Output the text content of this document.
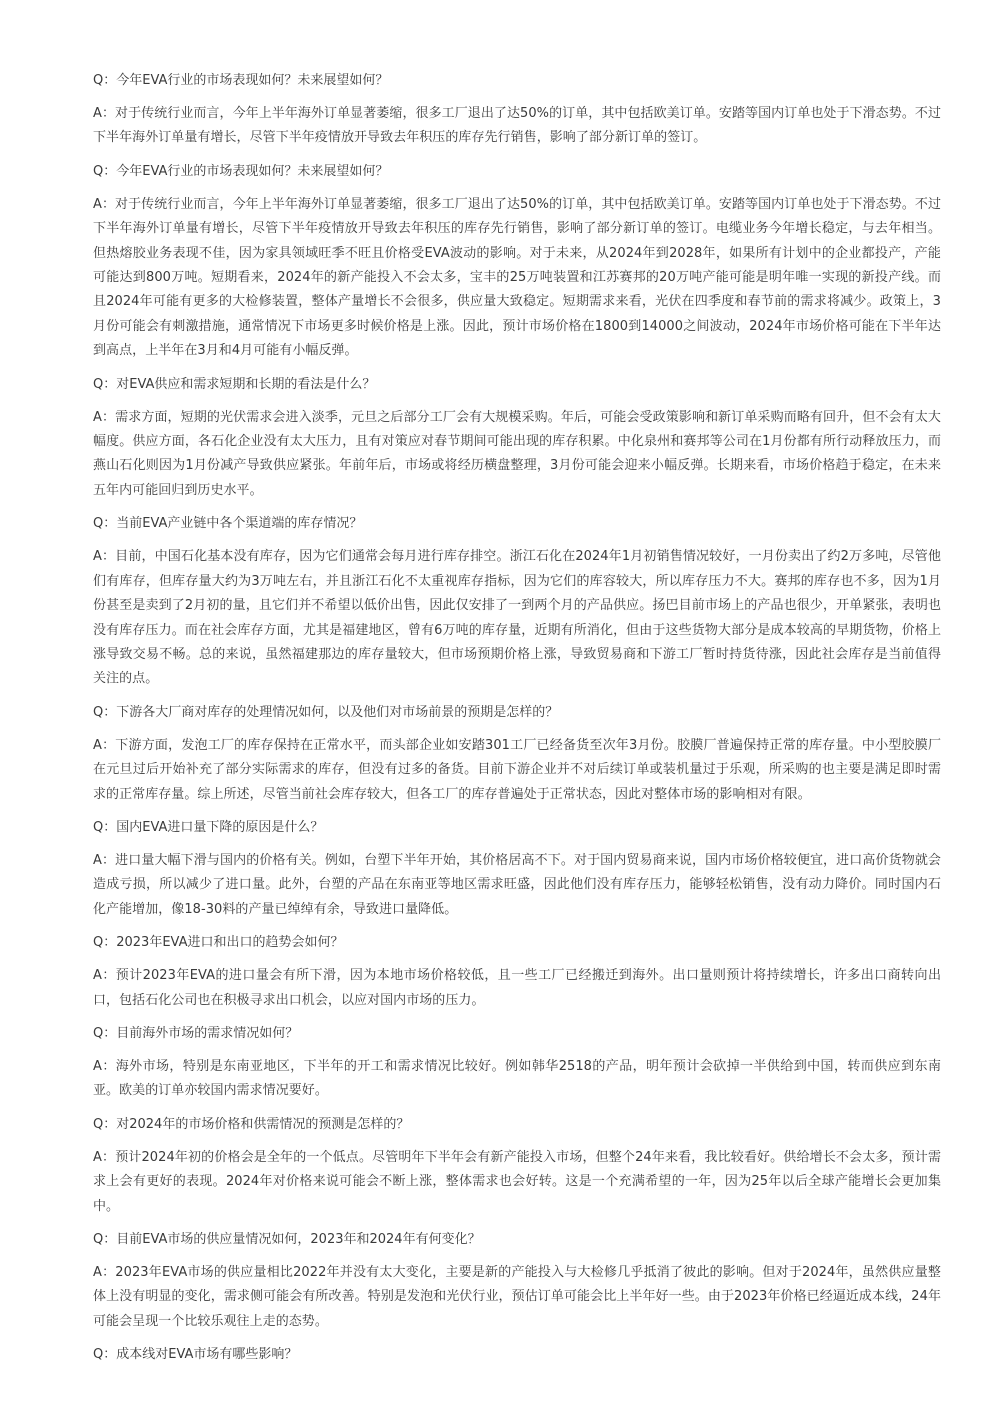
Q：今年EVA行业的市场表现如何？未来展望如何？

A：对于传统行业而言，今年上半年海外订单显著萎缩，很多工厂退出了达50%的订单，其中包括欧美订单。安踏等国内订单也处于下滑态势。不过下半年海外订单量有增长，尽管下半年疫情放开导致去年积压的库存先行销售，影响了部分新订单的签订。

Q：今年EVA行业的市场表现如何？未来展望如何？

A：对于传统行业而言，今年上半年海外订单显著萎缩，很多工厂退出了达50%的订单，其中包括欧美订单。安踏等国内订单也处于下滑态势。不过下半年海外订单量有增长，尽管下半年疫情放开导致去年积压的库存先行销售，影响了部分新订单的签订。电缆业务今年增长稳定，与去年相当。但热熔胶业务表现不佳，因为家具领域旺季不旺且价格受EVA波动的影响。对于未来，从2024年到2028年，如果所有计划中的企业都投产，产能可能达到800万吨。短期看来，2024年的新产能投入不会太多，宝丰的25万吨装置和江苏赛邦的20万吨产能可能是明年唯一实现的新投产线。而且2024年可能有更多的大检修装置，整体产量增长不会很多，供应量大致稳定。短期需求来看，光伏在四季度和春节前的需求将减少。政策上，3月份可能会有刺激措施，通常情况下市场更多时候价格是上涨。因此，预计市场价格在1800到14000之间波动，2024年市场价格可能在下半年达到高点，上半年在3月和4月可能有小幅反弹。

Q：对EVA供应和需求短期和长期的看法是什么？

A：需求方面，短期的光伏需求会进入淡季，元旦之后部分工厂会有大规模采购。年后，可能会受政策影响和新订单采购而略有回升，但不会有太大幅度。供应方面，各石化企业没有太大压力，且有对策应对春节期间可能出现的库存积累。中化泉州和赛邦等公司在1月份都有所行动释放压力，而燕山石化则因为1月份减产导致供应紧张。年前年后，市场或将经历横盘整理，3月份可能会迎来小幅反弹。长期来看，市场价格趋于稳定，在未来五年内可能回归到历史水平。

Q：当前EVA产业链中各个渠道端的库存情况？

A：目前，中国石化基本没有库存，因为它们通常会每月进行库存排空。浙江石化在2024年1月初销售情况较好，一月份卖出了约2万多吨，尽管他们有库存，但库存量大约为3万吨左右，并且浙江石化不太重视库存指标，因为它们的库容较大，所以库存压力不大。赛邦的库存也不多，因为1月份甚至是卖到了2月初的量，且它们并不希望以低价出售，因此仅安排了一到两个月的产品供应。扬巴目前市场上的产品也很少，开单紧张，表明也没有库存压力。而在社会库存方面，尤其是福建地区，曾有6万吨的库存量，近期有所消化，但由于这些货物大部分是成本较高的早期货物，价格上涨导致交易不畅。总的来说，虽然福建那边的库存量较大，但市场预期价格上涨，导致贸易商和下游工厂暂时持货待涨，因此社会库存是当前值得关注的点。

Q：下游各大厂商对库存的处理情况如何，以及他们对市场前景的预期是怎样的？

A：下游方面，发泡工厂的库存保持在正常水平，而头部企业如安踏301工厂已经备货至次年3月份。胶膜厂普遍保持正常的库存量。中小型胶膜厂在元旦过后开始补充了部分实际需求的库存，但没有过多的备货。目前下游企业并不对后续订单或装机量过于乐观，所采购的也主要是满足即时需求的正常库存量。综上所述，尽管当前社会库存较大，但各工厂的库存普遍处于正常状态，因此对整体市场的影响相对有限。

Q：国内EVA进口量下降的原因是什么？

A：进口量大幅下滑与国内的价格有关。例如，台塑下半年开始，其价格居高不下。对于国内贸易商来说，国内市场价格较便宜，进口高价货物就会造成亏损，所以减少了进口量。此外，台塑的产品在东南亚等地区需求旺盛，因此他们没有库存压力，能够轻松销售，没有动力降价。同时国内石化产能增加，像18-30料的产量已绰绰有余，导致进口量降低。

Q：2023年EVA进口和出口的趋势会如何？

A：预计2023年EVA的进口量会有所下滑，因为本地市场价格较低，且一些工厂已经搬迁到海外。出口量则预计将持续增长，许多出口商转向出口，包括石化公司也在积极寻求出口机会，以应对国内市场的压力。

Q：目前海外市场的需求情况如何？

A：海外市场，特别是东南亚地区，下半年的开工和需求情况比较好。例如韩华2518的产品，明年预计会砍掉一半供给到中国，转而供应到东南亚。欧美的订单亦较国内需求情况要好。

Q：对2024年的市场价格和供需情况的预测是怎样的？

A：预计2024年初的价格会是全年的一个低点。尽管明年下半年会有新产能投入市场，但整个24年来看，我比较看好。供给增长不会太多，预计需求上会有更好的表现。2024年对价格来说可能会不断上涨，整体需求也会好转。这是一个充满希望的一年，因为25年以后全球产能增长会更加集中。

Q：目前EVA市场的供应量情况如何，2023年和2024年有何变化？

A：2023年EVA市场的供应量相比2022年并没有太大变化，主要是新的产能投入与大检修几乎抵消了彼此的影响。但对于2024年，虽然供应量整体上没有明显的变化，需求侧可能会有所改善。特别是发泡和光伏行业，预估订单可能会比上半年好一些。由于2023年价格已经逼近成本线，24年可能会呈现一个比较乐观往上走的态势。

Q：成本线对EVA市场有哪些影响？
